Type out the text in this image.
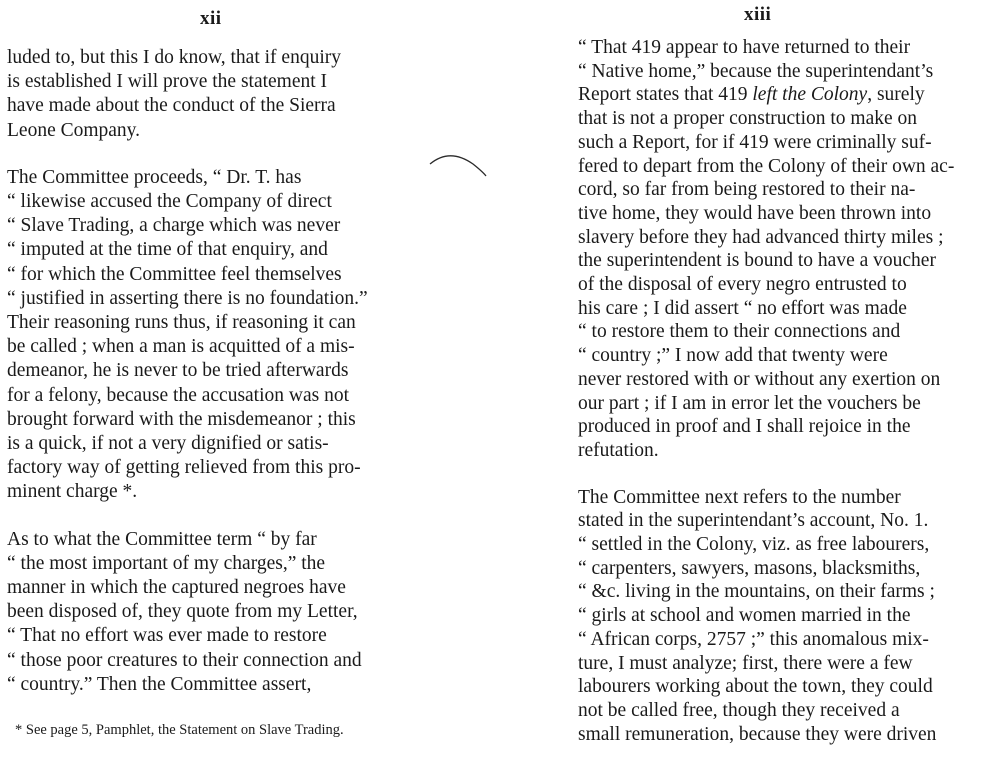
xii
luded to, but this I do know, that if enquiry
is established I will prove the statement I
have made about the conduct of the Sierra
Leone Company.
The Committee proceeds, “ Dr. T. has
“ likewise accused the Company of direct
“ Slave Trading, a charge which was never
“ imputed at the time of that enquiry, and
“ for which the Committee feel themselves
“ justified in asserting there is no foundation.”
Their reasoning runs thus, if reasoning it can
be called ; when a man is acquitted of a mis-
demeanor, he is never to be tried afterwards
for a felony, because the accusation was not
brought forward with the misdemeanor ; this
is a quick, if not a very dignified or satis-
factory way of getting relieved from this pro-
minent charge *.
As to what the Committee term “ by far
“ the most important of my charges,” the
manner in which the captured negroes have
been disposed of, they quote from my Letter,
“ That no effort was ever made to restore
“ those poor creatures to their connection and
“ country.” Then the Committee assert,
* See page 5, Pamphlet, the Statement on Slave Trading.
xiii
“ That 419 appear to have returned to their
“ Native home,” because the superintendant’s
Report states that 419 left the Colony, surely
that is not a proper construction to make on
such a Report, for if 419 were criminally suf-
fered to depart from the Colony of their own ac-
cord, so far from being restored to their na-
tive home, they would have been thrown into
slavery before they had advanced thirty miles ;
the superintendent is bound to have a voucher
of the disposal of every negro entrusted to
his care ; I did assert “ no effort was made
“ to restore them to their connections and
“ country ;” I now add that twenty were
never restored with or without any exertion on
our part ; if I am in error let the vouchers be
produced in proof and I shall rejoice in the
refutation.
The Committee next refers to the number
stated in the superintendant’s account, No. 1.
“ settled in the Colony, viz. as free labourers,
“ carpenters, sawyers, masons, blacksmiths,
“ &c. living in the mountains, on their farms ;
“ girls at school and women married in the
“ African corps, 2757 ;” this anomalous mix-
ture, I must analyze; first, there were a few
labourers working about the town, they could
not be called free, though they received a
small remuneration, because they were driven
